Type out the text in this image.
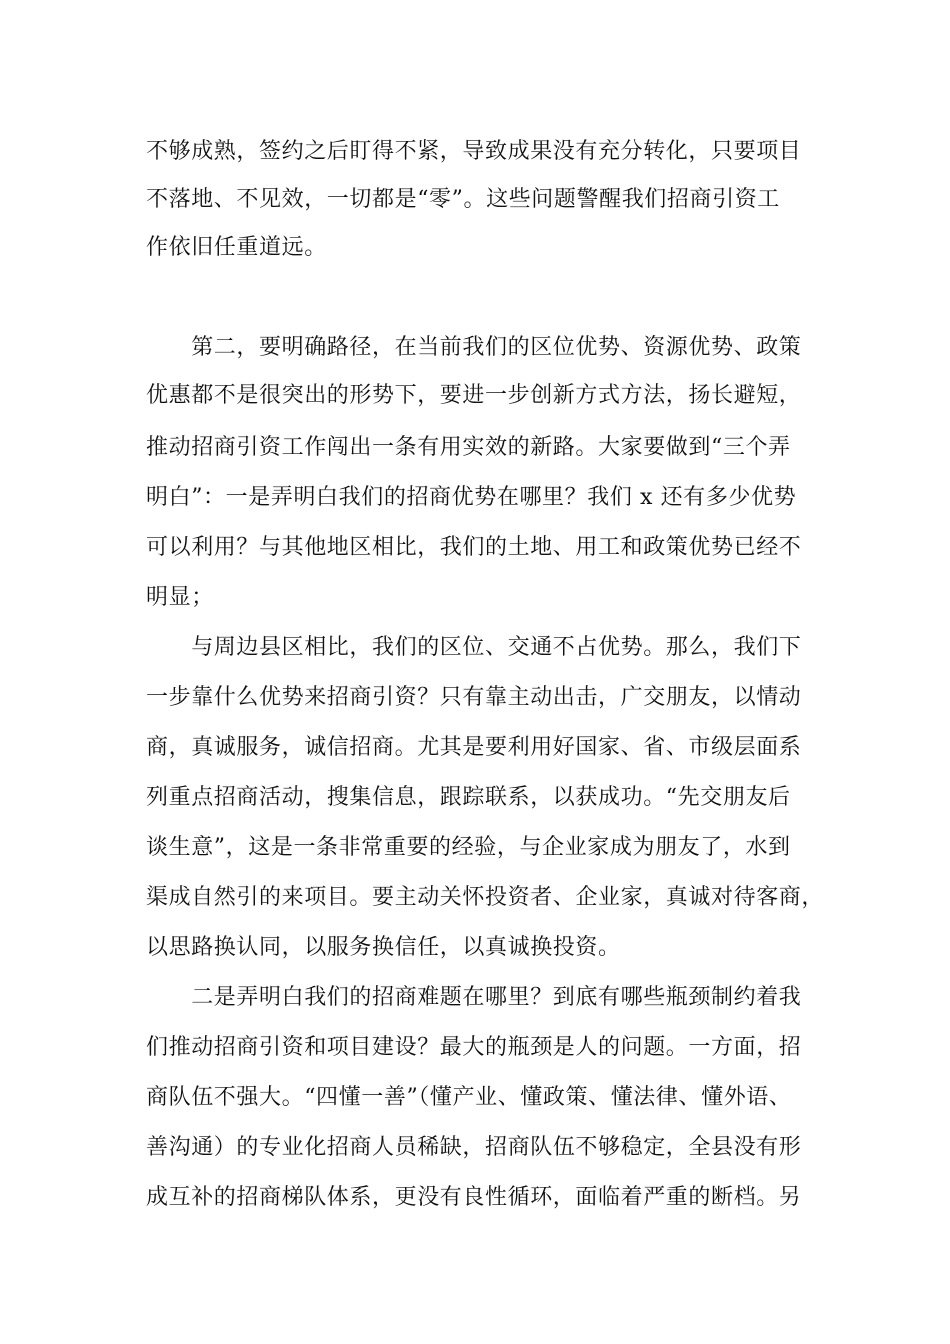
不够成熟，签约之后盯得不紧，导致成果没有充分转化，只要项目
不落地、不见效，一切都是“零”。这些问题警醒我们招商引资工
作依旧任重道远。
　　第二，要明确路径，在当前我们的区位优势、资源优势、政策
优惠都不是很突出的形势下，要进一步创新方式方法，扬长避短，
推动招商引资工作闯出一条有用实效的新路。大家要做到“三个弄
明白”：一是弄明白我们的招商优势在哪里？我们 x 还有多少优势
可以利用？与其他地区相比，我们的土地、用工和政策优势已经不
明显；
　　与周边县区相比，我们的区位、交通不占优势。那么，我们下
一步靠什么优势来招商引资？只有靠主动出击，广交朋友，以情动
商，真诚服务，诚信招商。尤其是要利用好国家、省、市级层面系
列重点招商活动，搜集信息，跟踪联系，以获成功。“先交朋友后
谈生意”，这是一条非常重要的经验，与企业家成为朋友了，水到
渠成自然引的来项目。要主动关怀投资者、企业家，真诚对待客商，
以思路换认同，以服务换信任，以真诚换投资。
　　二是弄明白我们的招商难题在哪里？到底有哪些瓶颈制约着我
们推动招商引资和项目建设？最大的瓶颈是人的问题。一方面，招
商队伍不强大。“四懂一善”（懂产业、懂政策、懂法律、懂外语、
善沟通）的专业化招商人员稀缺，招商队伍不够稳定，全县没有形
成互补的招商梯队体系，更没有良性循环，面临着严重的断档。另
